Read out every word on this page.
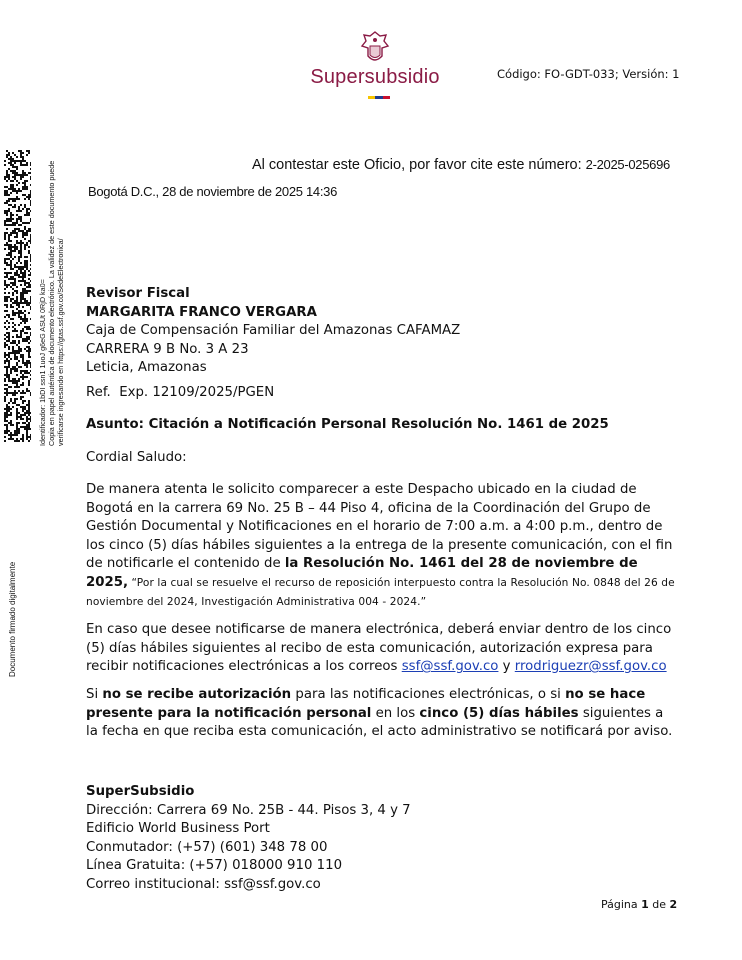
Supersubsidio	Código: FO-GDT-033; Versión: 1
Identificador: 1bDI ssn1 1uoJ g6eG ASUt 0RjD ka0= Copia en papel auténtica de documento electrónico. La validez de este documento puede verificarse ingresando en https://gtas.ssf.gov.co/SedeElectronica/
Documento firmado digitalmente
Al contestar este Oficio, por favor cite este número: 2-2025-025696
Bogotá D.C., 28 de noviembre de 2025 14:36
Revisor Fiscal
MARGARITA FRANCO VERGARA
Caja de Compensación Familiar del Amazonas CAFAMAZ
CARRERA 9 B No. 3 A 23
Leticia, Amazonas
Ref.  Exp. 12109/2025/PGEN
Asunto: Citación a Notificación Personal Resolución No. 1461 de 2025
Cordial Saludo:

De manera atenta le solicito comparecer a este Despacho ubicado en la ciudad de Bogotá en la carrera 69 No. 25 B – 44 Piso 4, oficina de la Coordinación del Grupo de Gestión Documental y Notificaciones en el horario de 7:00 a.m. a 4:00 p.m., dentro de los cinco (5) días hábiles siguientes a la entrega de la presente comunicación, con el fin de notificarle el contenido de la Resolución No. 1461 del 28 de noviembre de 2025, “Por la cual se resuelve el recurso de reposición interpuesto contra la Resolución No. 0848 del 26 de noviembre del 2024, Investigación Administrativa 004 - 2024.”

En caso que desee notificarse de manera electrónica, deberá enviar dentro de los cinco (5) días hábiles siguientes al recibo de esta comunicación, autorización expresa para recibir notificaciones electrónicas a los correos ssf@ssf.gov.co y rrodriguezr@ssf.gov.co

Si no se recibe autorización para las notificaciones electrónicas, o si no se hace presente para la notificación personal en los cinco (5) días hábiles siguientes a la fecha en que reciba esta comunicación, el acto administrativo se notificará por aviso.

SuperSubsidio
Dirección: Carrera 69 No. 25B - 44. Pisos 3, 4 y 7
Edificio World Business Port
Conmutador: (+57) (601) 348 78 00
Línea Gratuita: (+57) 018000 910 110
Correo institucional: ssf@ssf.gov.co
Página 1 de 2
